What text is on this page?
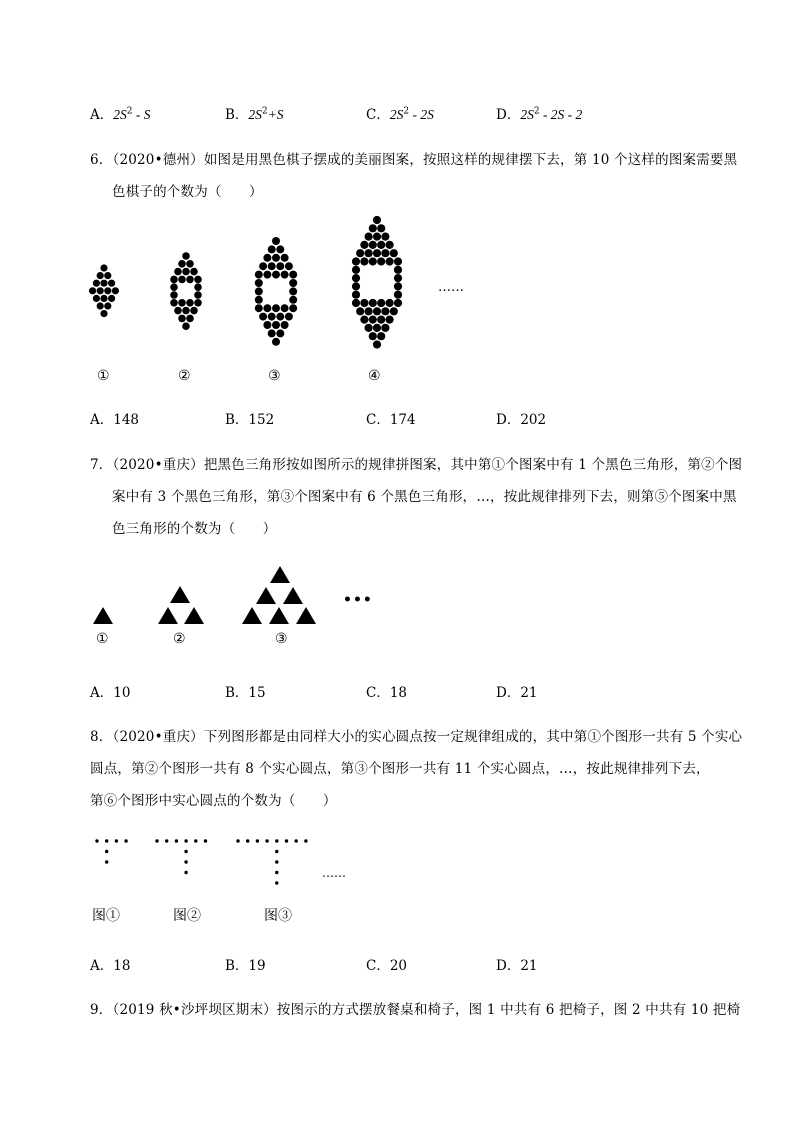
A．$2S^2$ - S	B．$2S^2+S$	C．$2S^2 - 2S$	D．$2S^2 - 2S - 2$
6．（2020•德州）如图是用黑色棋子摆成的美丽图案，按照这样的规律摆下去，第 10 个这样的图案需要黑
色棋子的个数为（　　）
①	②	③	④
……
A．148	B．152	C．174	D．202
7．（2020•重庆）把黑色三角形按如图所示的规律拼图案，其中第①个图案中有 1 个黑色三角形，第②个图
案中有 3 个黑色三角形，第③个图案中有 6 个黑色三角形，…，按此规律排列下去，则第⑤个图案中黑
色三角形的个数为（　　）
•••
①	②	③
A．10	B．15	C．18	D．21
8．（2020•重庆）下列图形都是由同样大小的实心圆点按一定规律组成的，其中第①个图形一共有 5 个实心
圆点，第②个图形一共有 8 个实心圆点，第③个图形一共有 11 个实心圆点，…，按此规律排列下去，
第⑥个图形中实心圆点的个数为（　　）
……
图①	图②	图③
A．18	B．19	C．20	D．21
9．（2019 秋•沙坪坝区期末）按图示的方式摆放餐桌和椅子，图 1 中共有 6 把椅子，图 2 中共有 10 把椅
